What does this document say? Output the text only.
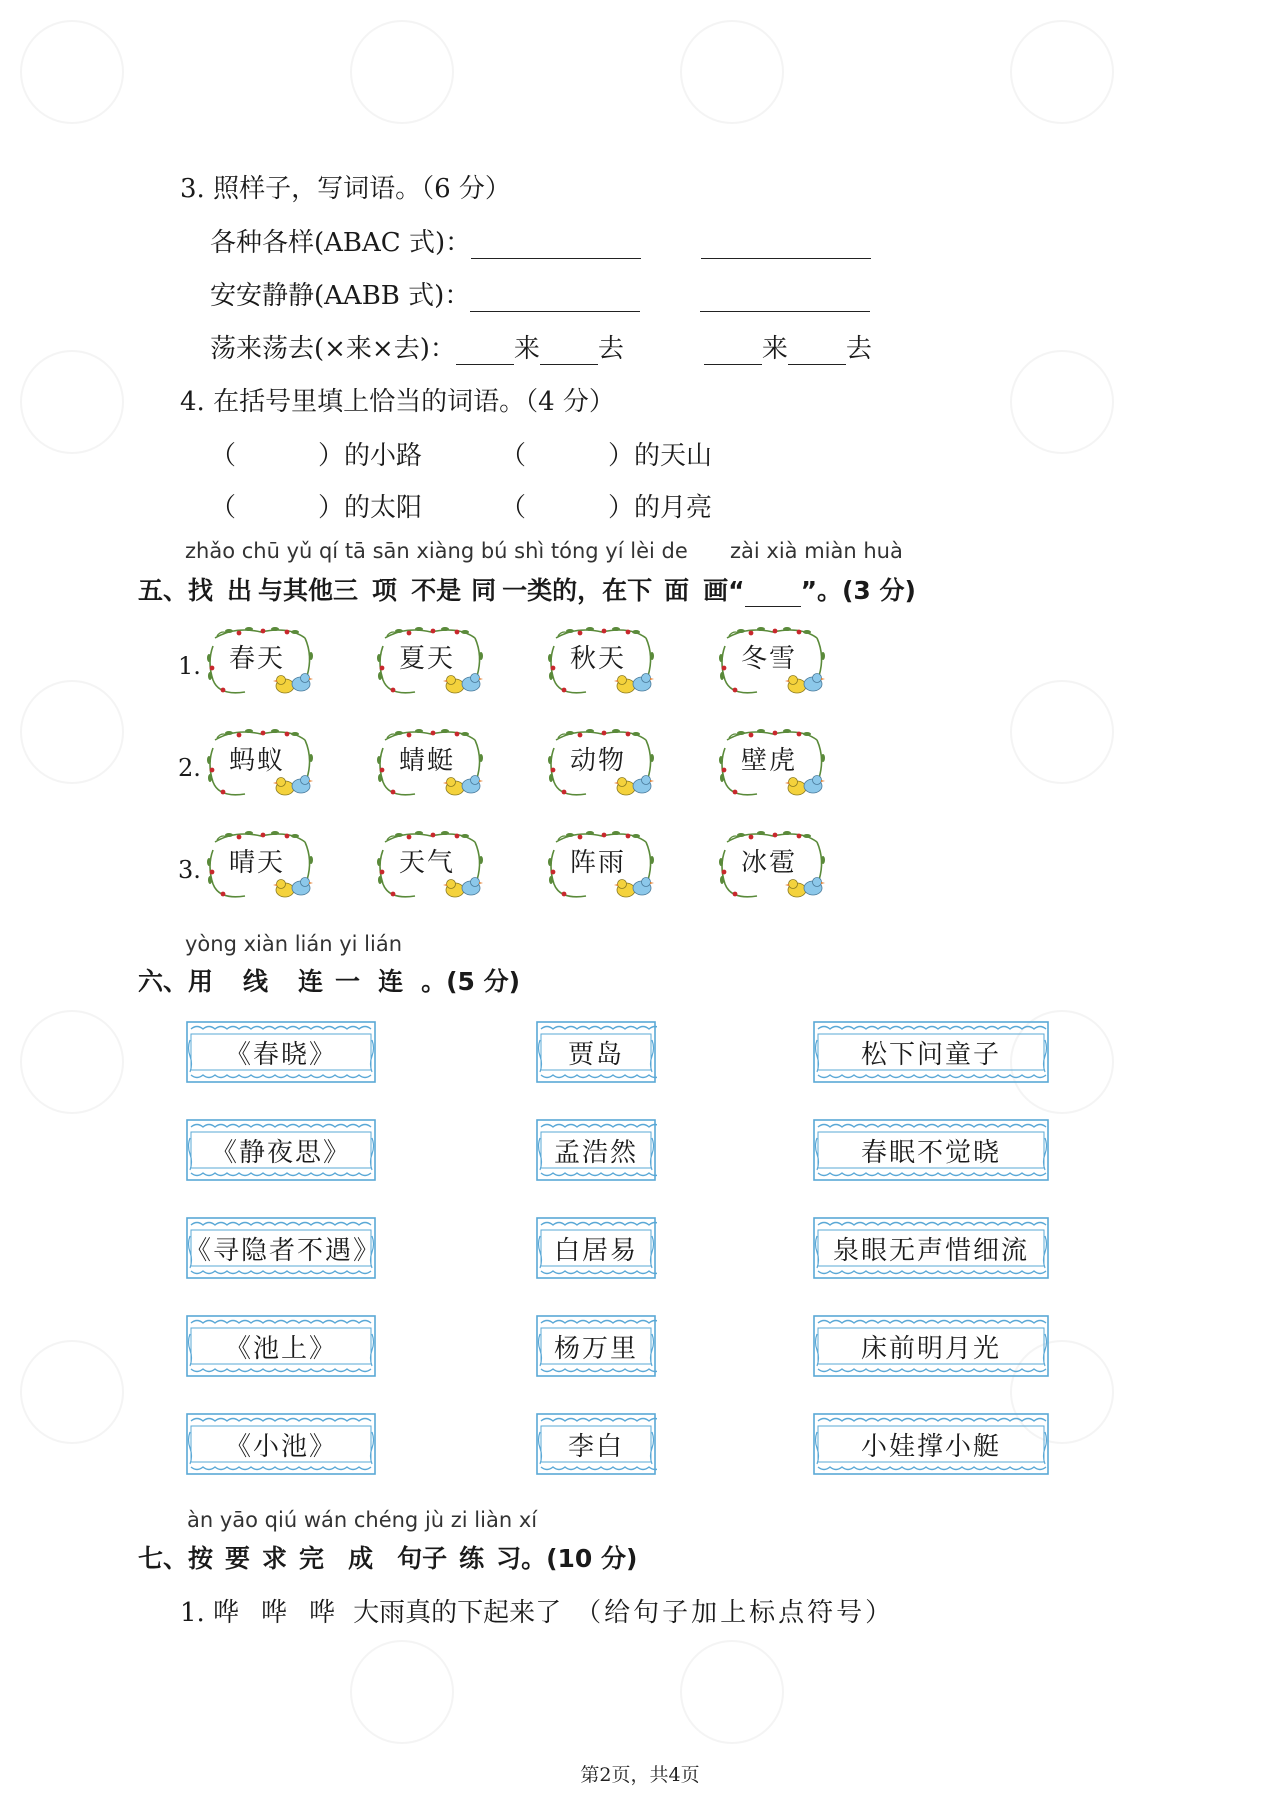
3. 照样子，写词语。（6 分）
各种各样(ABAC 式)：
安安静静(AABB 式)：
荡来荡去(×来×去)： 来 去	来 去
4. 在括号里填上恰当的词语。（4 分）
（	）的小路	（	）的天山
（	）的太阳	（	）的月亮
zhǎo chū yǔ qí tā sān xiàng bú shì tóng yí lèi de zài xià miàn huà
五、找 出 与其他三 项 不是 同 一类的，在下 面 画“ ”。(3 分)
1.	春天	夏天	秋天	冬雪
2.	蚂蚁	蜻蜓	动物	壁虎
3.	晴天	天气	阵雨	冰雹
yòng xiàn lián yi lián
六、用 线 连 一 连 。(5 分)
《春晓》
《静夜思》
《寻隐者不遇》
《池上》
《小池》
贾岛
孟浩然
白居易
杨万里
李白
松下问童子
春眠不觉晓
泉眼无声惜细流
床前明月光
小娃撑小艇
àn yāo qiú wán chéng jù zi liàn xí
七、按 要 求 完 成 句子 练 习。(10 分)
1. 哗 哗 哗 大雨真的下起来了 （给句子加上标点符号）
第2页，共4页
